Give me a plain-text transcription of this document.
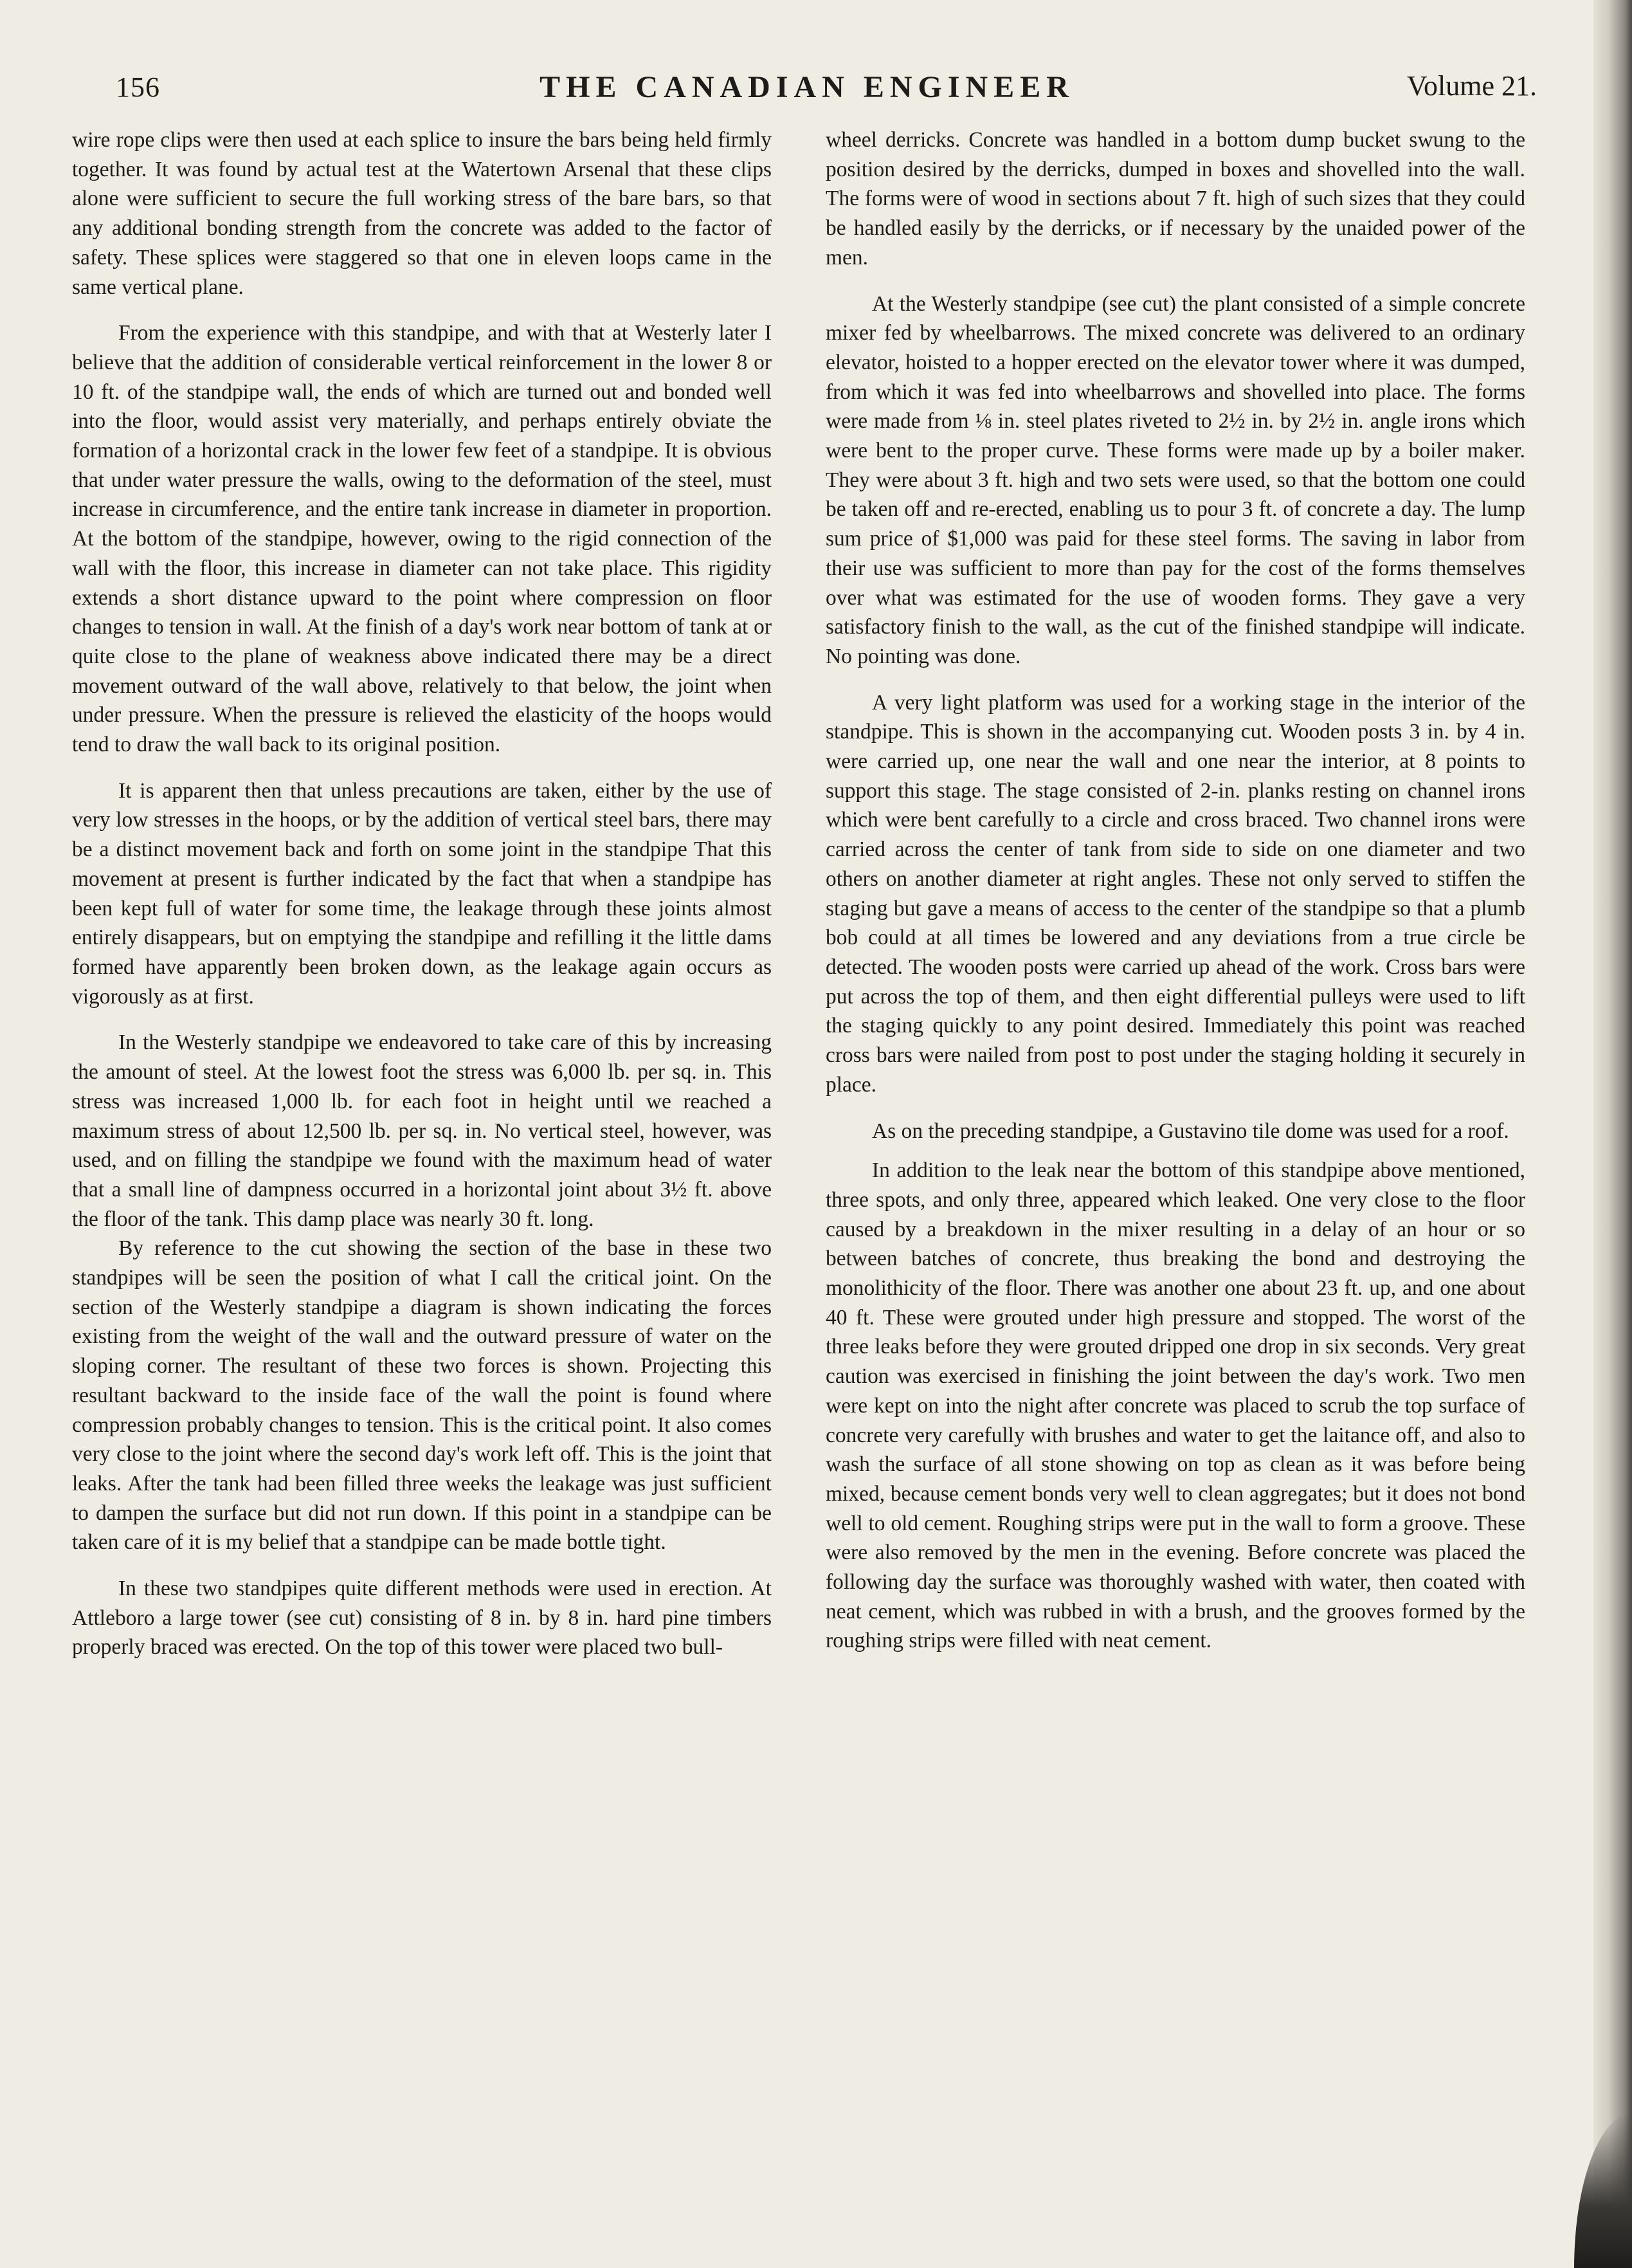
156	THE CANADIAN ENGINEER	Volume 21.

wire rope clips were then used at each splice to insure the bars being held firmly together. It was found by actual test at the Watertown Arsenal that these clips alone were sufficient to secure the full working stress of the bare bars, so that any additional bonding strength from the concrete was added to the factor of safety. These splices were staggered so that one in eleven loops came in the same vertical plane.

From the experience with this standpipe, and with that at Westerly later I believe that the addition of considerable vertical reinforcement in the lower 8 or 10 ft. of the standpipe wall, the ends of which are turned out and bonded well into the floor, would assist very materially, and perhaps entirely obviate the formation of a horizontal crack in the lower few feet of a standpipe. It is obvious that under water pressure the walls, owing to the deformation of the steel, must increase in circumference, and the entire tank increase in diameter in proportion. At the bottom of the standpipe, however, owing to the rigid connection of the wall with the floor, this increase in diameter can not take place. This rigidity extends a short distance upward to the point where compression on floor changes to tension in wall. At the finish of a day's work near bottom of tank at or quite close to the plane of weakness above indicated there may be a direct movement outward of the wall above, relatively to that below, the joint when under pressure. When the pressure is relieved the elasticity of the hoops would tend to draw the wall back to its original position.

It is apparent then that unless precautions are taken, either by the use of very low stresses in the hoops, or by the addition of vertical steel bars, there may be a distinct movement back and forth on some joint in the standpipe That this movement at present is further indicated by the fact that when a standpipe has been kept full of water for some time, the leakage through these joints almost entirely disappears, but on emptying the standpipe and refilling it the little dams formed have apparently been broken down, as the leakage again occurs as vigorously as at first.

In the Westerly standpipe we endeavored to take care of this by increasing the amount of steel. At the lowest foot the stress was 6,000 lb. per sq. in. This stress was increased 1,000 lb. for each foot in height until we reached a maximum stress of about 12,500 lb. per sq. in. No vertical steel, however, was used, and on filling the standpipe we found with the maximum head of water that a small line of dampness occurred in a horizontal joint about 3½ ft. above the floor of the tank. This damp place was nearly 30 ft. long.

By reference to the cut showing the section of the base in these two standpipes will be seen the position of what I call the critical joint. On the section of the Westerly standpipe a diagram is shown indicating the forces existing from the weight of the wall and the outward pressure of water on the sloping corner. The resultant of these two forces is shown. Projecting this resultant backward to the inside face of the wall the point is found where compression probably changes to tension. This is the critical point. It also comes very close to the joint where the second day's work left off. This is the joint that leaks. After the tank had been filled three weeks the leakage was just sufficient to dampen the surface but did not run down. If this point in a standpipe can be taken care of it is my belief that a standpipe can be made bottle tight.

In these two standpipes quite different methods were used in erection. At Attleboro a large tower (see cut) consisting of 8 in. by 8 in. hard pine timbers properly braced was erected. On the top of this tower were placed two bull-

wheel derricks. Concrete was handled in a bottom dump bucket swung to the position desired by the derricks, dumped in boxes and shovelled into the wall. The forms were of wood in sections about 7 ft. high of such sizes that they could be handled easily by the derricks, or if necessary by the unaided power of the men.

At the Westerly standpipe (see cut) the plant consisted of a simple concrete mixer fed by wheelbarrows. The mixed concrete was delivered to an ordinary elevator, hoisted to a hopper erected on the elevator tower where it was dumped, from which it was fed into wheelbarrows and shovelled into place. The forms were made from ⅛ in. steel plates riveted to 2½ in. by 2½ in. angle irons which were bent to the proper curve. These forms were made up by a boiler maker. They were about 3 ft. high and two sets were used, so that the bottom one could be taken off and re-erected, enabling us to pour 3 ft. of concrete a day. The lump sum price of $1,000 was paid for these steel forms. The saving in labor from their use was sufficient to more than pay for the cost of the forms themselves over what was estimated for the use of wooden forms. They gave a very satisfactory finish to the wall, as the cut of the finished standpipe will indicate. No pointing was done.

A very light platform was used for a working stage in the interior of the standpipe. This is shown in the accompanying cut. Wooden posts 3 in. by 4 in. were carried up, one near the wall and one near the interior, at 8 points to support this stage. The stage consisted of 2-in. planks resting on channel irons which were bent carefully to a circle and cross braced. Two channel irons were carried across the center of tank from side to side on one diameter and two others on another diameter at right angles. These not only served to stiffen the staging but gave a means of access to the center of the standpipe so that a plumb bob could at all times be lowered and any deviations from a true circle be detected. The wooden posts were carried up ahead of the work. Cross bars were put across the top of them, and then eight differential pulleys were used to lift the staging quickly to any point desired. Immediately this point was reached cross bars were nailed from post to post under the staging holding it securely in place.

As on the preceding standpipe, a Gustavino tile dome was used for a roof.

In addition to the leak near the bottom of this standpipe above mentioned, three spots, and only three, appeared which leaked. One very close to the floor caused by a breakdown in the mixer resulting in a delay of an hour or so between batches of concrete, thus breaking the bond and destroying the monolithicity of the floor. There was another one about 23 ft. up, and one about 40 ft. These were grouted under high pressure and stopped. The worst of the three leaks before they were grouted dripped one drop in six seconds. Very great caution was exercised in finishing the joint between the day's work. Two men were kept on into the night after concrete was placed to scrub the top surface of concrete very carefully with brushes and water to get the laitance off, and also to wash the surface of all stone showing on top as clean as it was before being mixed, because cement bonds very well to clean aggregates; but it does not bond well to old cement. Roughing strips were put in the wall to form a groove. These were also removed by the men in the evening. Before concrete was placed the following day the surface was thoroughly washed with water, then coated with neat cement, which was rubbed in with a brush, and the grooves formed by the roughing strips were filled with neat cement.
